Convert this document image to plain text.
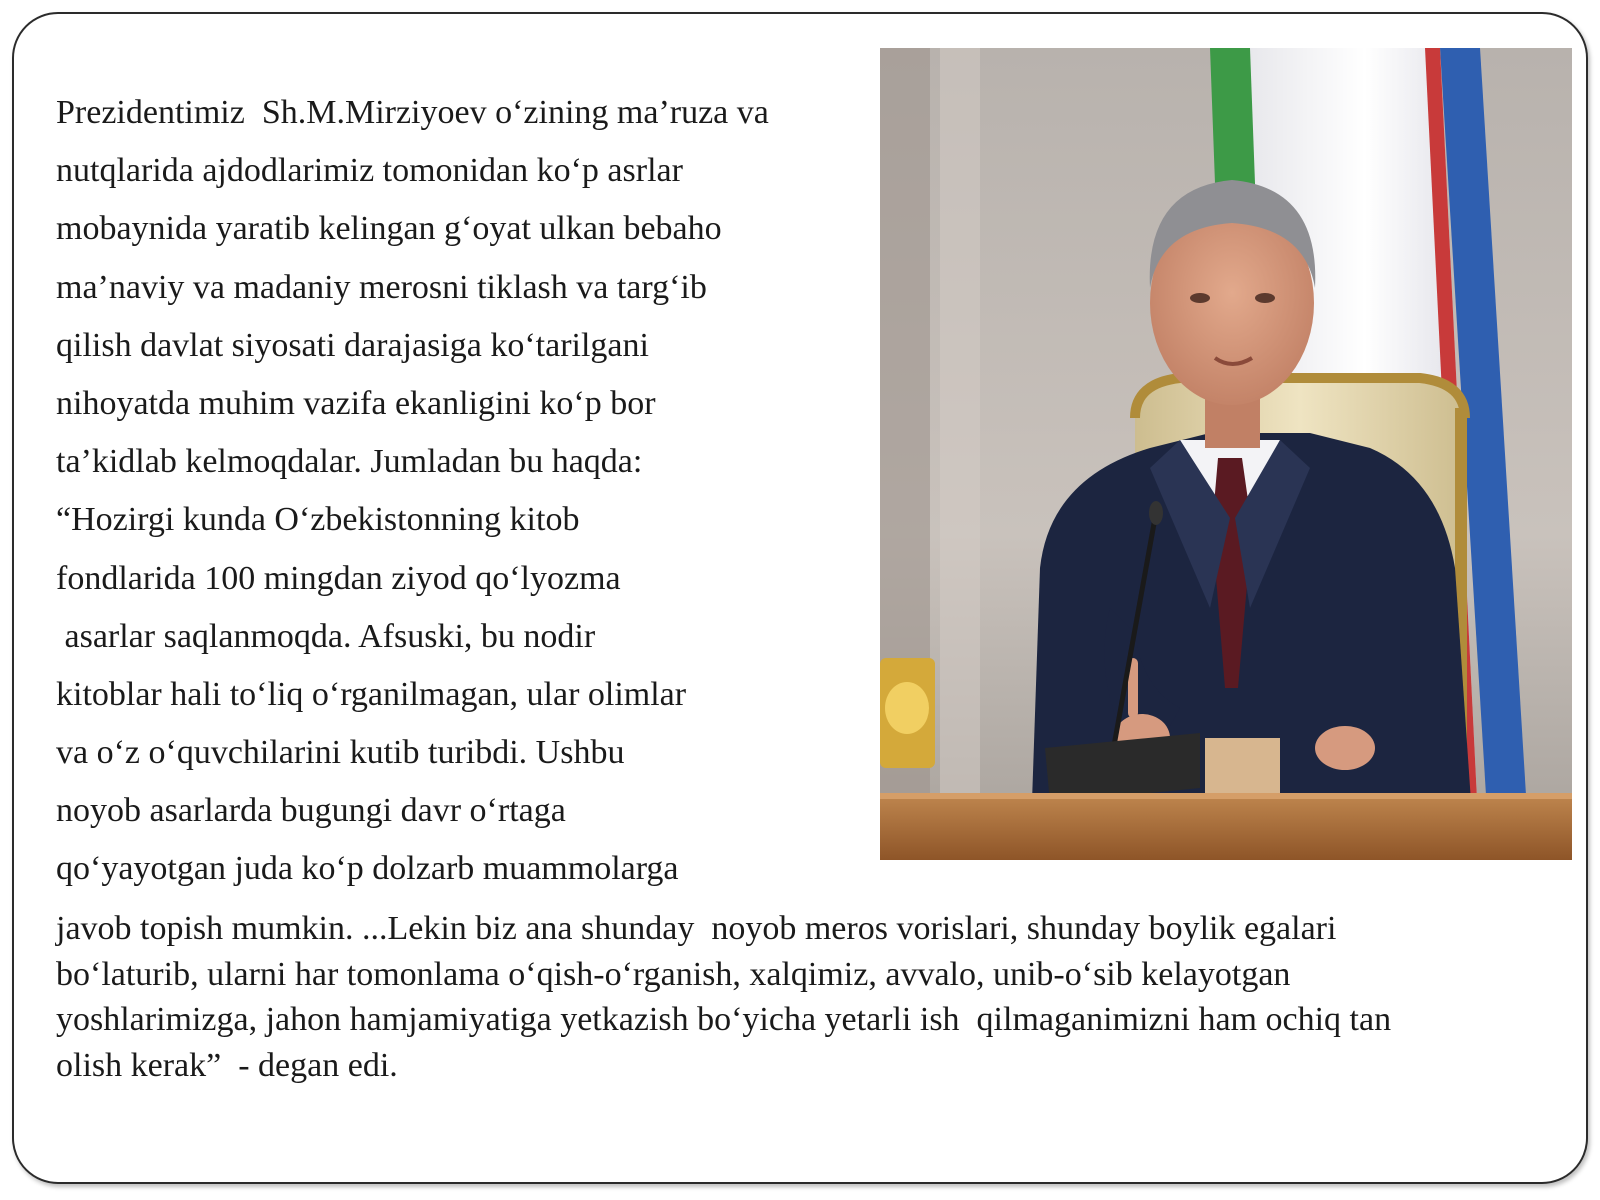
Prezidentimiz  Sh.M.Mirziyoev o‘zining ma’ruza va
nutqlarida ajdodlarimiz tomonidan ko‘p asrlar
mobaynida yaratib kelingan g‘oyat ulkan bebaho
ma’naviy va madaniy merosni tiklash va targ‘ib
qilish davlat siyosati darajasiga ko‘tarilgani
nihoyatda muhim vazifa ekanligini ko‘p bor
ta’kidlab kelmoqdalar. Jumladan bu haqda:
“Hozirgi kunda O‘zbekistonning kitob
fondlarida 100 mingdan ziyod qo‘lyozma
asarlar saqlanmoqda. Afsuski, bu nodir
kitoblar hali to‘liq o‘rganilmagan, ular olimlar
va o‘z o‘quvchilarini kutib turibdi. Ushbu
noyob asarlarda bugungi davr o‘rtaga
qo‘yayotgan juda ko‘p dolzarb muammolarga
javob topish mumkin. ...Lekin biz ana shunday  noyob meros vorislari, shunday boylik egalari
bo‘laturib, ularni har tomonlama o‘qish-o‘rganish, xalqimiz, avvalo, unib-o‘sib kelayotgan
yoshlarimizga, jahon hamjamiyatiga yetkazish bo‘yicha yetarli ish  qilmaganimizni ham ochiq tan
olish kerak”  - degan edi.
